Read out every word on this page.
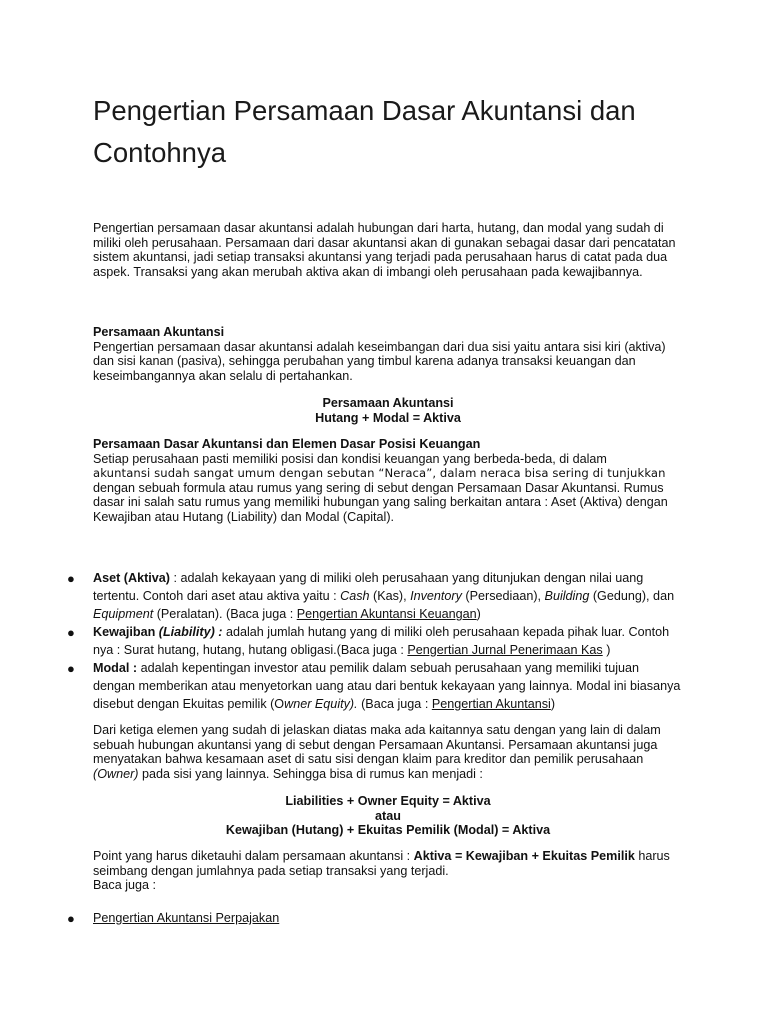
Pengertian Persamaan Dasar Akuntansi dan Contohnya

Pengertian persamaan dasar akuntansi adalah hubungan dari harta, hutang, dan modal yang sudah di miliki oleh perusahaan. Persamaan dari dasar akuntansi akan di gunakan sebagai dasar dari pencatatan sistem akuntansi, jadi setiap transaksi akuntansi yang terjadi pada perusahaan harus di catat pada dua aspek. Transaksi yang akan merubah aktiva akan di imbangi oleh perusahaan pada kewajibannya.

Persamaan Akuntansi
Pengertian persamaan dasar akuntansi adalah keseimbangan dari dua sisi yaitu antara sisi kiri (aktiva) dan sisi kanan (pasiva), sehingga perubahan yang timbul karena adanya transaksi keuangan dan keseimbangannya akan selalu di pertahankan.
Persamaan Akuntansi
Hutang + Modal = Aktiva
Persamaan Dasar Akuntansi dan Elemen Dasar Posisi Keuangan
Setiap perusahaan pasti memiliki posisi dan kondisi keuangan yang berbeda-beda, di dalam
akuntansi sudah sangat umum dengan sebutan “Neraca”, dalam neraca bisa sering di tunjukkan
dengan sebuah formula atau rumus yang sering di sebut dengan Persamaan Dasar Akuntansi. Rumus dasar ini salah satu rumus yang memiliki hubungan yang saling berkaitan antara : Aset (Aktiva) dengan Kewajiban atau Hutang (Liability) dan Modal (Capital).
● Aset (Aktiva) : adalah kekayaan yang di miliki oleh perusahaan yang ditunjukan dengan nilai uang tertentu. Contoh dari aset atau aktiva yaitu : Cash (Kas), Inventory (Persediaan), Building (Gedung), dan Equipment (Peralatan). (Baca juga : Pengertian Akuntansi Keuangan)
● Kewajiban (Liability) : adalah jumlah hutang yang di miliki oleh perusahaan kepada pihak luar. Contoh nya : Surat hutang, hutang, hutang obligasi.(Baca juga : Pengertian Jurnal Penerimaan Kas )
● Modal : adalah kepentingan investor atau pemilik dalam sebuah perusahaan yang memiliki tujuan dengan memberikan atau menyetorkan uang atau dari bentuk kekayaan yang lainnya. Modal ini biasanya disebut dengan Ekuitas pemilik (Owner Equity). (Baca juga : Pengertian Akuntansi)

Dari ketiga elemen yang sudah di jelaskan diatas maka ada kaitannya satu dengan yang lain di dalam sebuah hubungan akuntansi yang di sebut dengan Persamaan Akuntansi. Persamaan akuntansi juga menyatakan bahwa kesamaan aset di satu sisi dengan klaim para kreditor dan pemilik perusahaan (Owner) pada sisi yang lainnya. Sehingga bisa di rumus kan menjadi :

Liabilities + Owner Equity = Aktiva
atau
Kewajiban (Hutang) + Ekuitas Pemilik (Modal) = Aktiva
Point yang harus diketauhi dalam persamaan akuntansi : Aktiva = Kewajiban + Ekuitas Pemilik harus seimbang dengan jumlahnya pada setiap transaksi yang terjadi.
Baca juga :
● Pengertian Akuntansi Perpajakan
